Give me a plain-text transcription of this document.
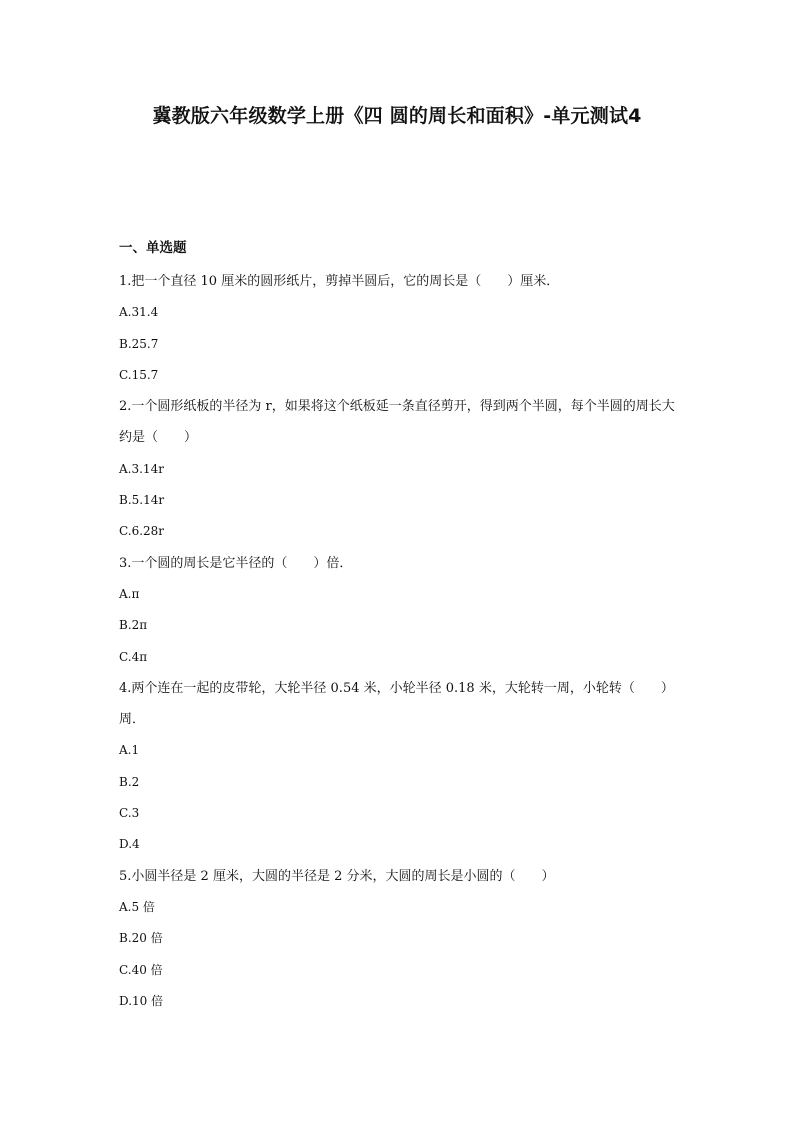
冀教版六年级数学上册《四 圆的周长和面积》-单元测试4
一、单选题

1.把一个直径 10 厘米的圆形纸片，剪掉半圆后，它的周长是（　　）厘米．

A.31.4

B.25.7

C.15.7

2.一个圆形纸板的半径为 r，如果将这个纸板延一条直径剪开，得到两个半圆，每个半圆的周长大约是（　　）

A.3.14r

B.5.14r

C.6.28r

3.一个圆的周长是它半径的（　　）倍．

A.π

B.2π

C.4π

4.两个连在一起的皮带轮，大轮半径 0.54 米，小轮半径 0.18 米，大轮转一周，小轮转（　　）周．

A.1

B.2

C.3

D.4

5.小圆半径是 2 厘米，大圆的半径是 2 分米，大圆的周长是小圆的（　　）

A.5 倍

B.20 倍

C.40 倍

D.10 倍
